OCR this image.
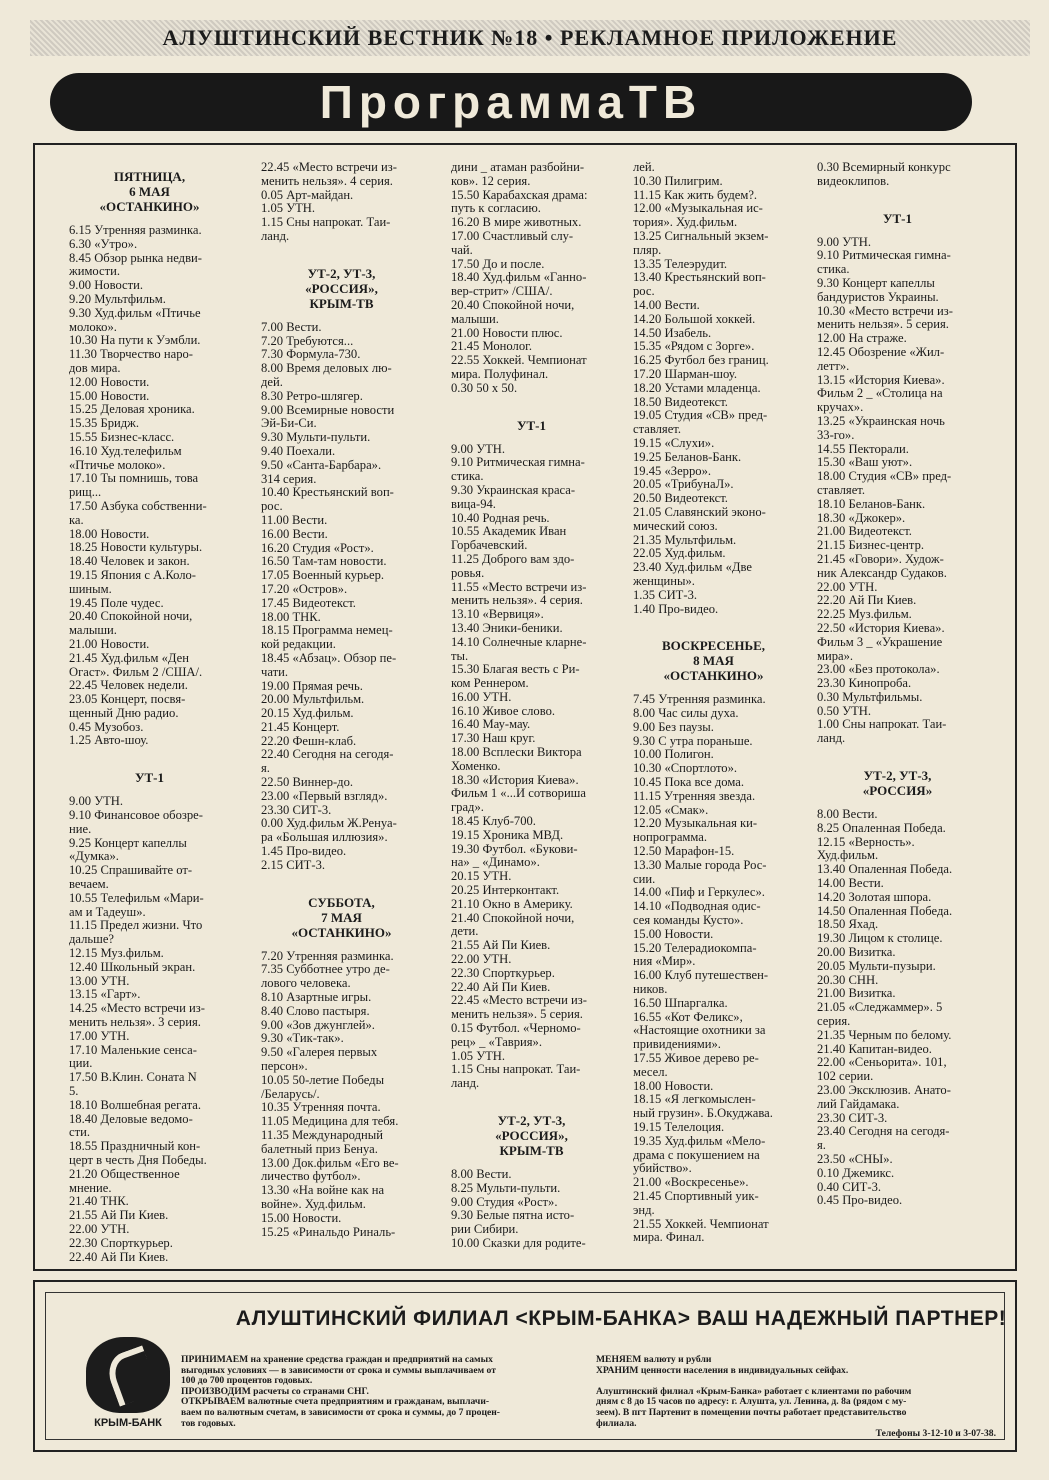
АЛУШТИНСКИЙ ВЕСТНИК №18 • РЕКЛАМНОЕ ПРИЛОЖЕНИЕ
ПрограммаТВ

ПЯТНИЦА,

6 МАЯ

«ОСТАНКИНО»

6.15 Утренняя разминка.

6.30 «Утро».

8.45 Обзор рынка недви-

жимости.

9.00 Новости.

9.20 Мультфильм.

9.30 Худ.фильм «Птичье

молоко».

10.30 На пути к Уэмбли.

11.30 Творчество наро-

дов мира.

12.00 Новости.

15.00 Новости.

15.25 Деловая хроника.

15.35 Бридж.

15.55 Бизнес-класс.

16.10 Худ.телефильм

«Птичье молоко».

17.10 Ты помнишь, това

рищ...

17.50 Азбука собственни-

ка.

18.00 Новости.

18.25 Новости культуры.

18.40 Человек и закон.

19.15 Япония с А.Коло-

шиным.

19.45 Поле чудес.

20.40 Спокойной ночи,

малыши.

21.00 Новости.

21.45 Худ.фильм «Ден

Огаст». Фильм 2 /США/.

22.45 Человек недели.

23.05 Концерт, посвя-

щенный Дню радио.

0.45 Музобоз.

1.25 Авто-шоу.

УТ-1

9.00 УТН.

9.10 Финансовое обозре-

ние.

9.25 Концерт капеллы

«Думка».

10.25 Спрашивайте от-

вечаем.

10.55 Телефильм «Мари-

ам и Тадеуш».

11.15 Предел жизни. Что

дальше?

12.15 Муз.фильм.

12.40 Школьный экран.

13.00 УТН.

13.15 «Гарт».

14.25 «Место встречи из-

менить нельзя». 3 серия.

17.00 УТН.

17.10 Маленькие сенса-

ции.

17.50 В.Клин. Соната N

5.

18.10 Волшебная регата.

18.40 Деловые ведомо-

сти.

18.55 Праздничный кон-

церт в честь Дня Победы.

21.20 Общественное

мнение.

21.40 ТНК.

21.55 Ай Пи Киев.

22.00 УТН.

22.30 Спорткурьер.

22.40 Ай Пи Киев.

22.45 «Место встречи из-

менить нельзя». 4 серия.

0.05 Арт-майдан.

1.05 УТН.

1.15 Сны напрокат. Таи-

ланд.

УТ-2, УТ-3,

«РОССИЯ»,

КРЫМ-ТВ

7.00 Вести.

7.20 Требуются...

7.30 Формула-730.

8.00 Время деловых лю-

дей.

8.30 Ретро-шлягер.

9.00 Всемирные новости

Эй-Би-Си.

9.30 Мульти-пульти.

9.40 Поехали.

9.50 «Санта-Барбара».

314 серия.

10.40 Крестьянский воп-

рос.

11.00 Вести.

16.00 Вести.

16.20 Студия «Рост».

16.50 Там-там новости.

17.05 Военный курьер.

17.20 «Остров».

17.45 Видеотекст.

18.00 ТНК.

18.15 Программа немец-

кой редакции.

18.45 «Абзац». Обзор пе-

чати.

19.00 Прямая речь.

20.00 Мультфильм.

20.15 Худ.фильм.

21.45 Концерт.

22.20 Фешн-клаб.

22.40 Сегодня на сегодя-

я.

22.50 Виннер-до.

23.00 «Первый взгляд».

23.30 СИТ-3.

0.00 Худ.фильм Ж.Ренуа-

ра «Большая иллюзия».

1.45 Про-видео.

2.15 СИТ-3.

СУББОТА,

7 МАЯ

«ОСТАНКИНО»

7.20 Утренняя разминка.

7.35 Субботнее утро де-

лового человека.

8.10 Азартные игры.

8.40 Слово пастыря.

9.00 «Зов джунглей».

9.30 «Тик-так».

9.50 «Галерея первых

персон».

10.05 50-летие Победы

/Беларусь/.

10.35 Утренняя почта.

11.05 Медицина для тебя.

11.35 Международный

балетный приз Бенуа.

13.00 Док.фильм «Его ве-

личество футбол».

13.30 «На войне как на

войне». Худ.фильм.

15.00 Новости.

15.25 «Ринальдо Риналь-

дини _ атаман разбойни-

ков». 12 серия.

15.50 Карабахская драма:

путь к согласию.

16.20 В мире животных.

17.00 Счастливый слу-

чай.

17.50 До и после.

18.40 Худ.фильм «Ганно-

вер-стрит» /США/.

20.40 Спокойной ночи,

малыши.

21.00 Новости плюс.

21.45 Монолог.

22.55 Хоккей. Чемпионат

мира. Полуфинал.

0.30 50 х 50.

УТ-1

9.00 УТН.

9.10 Ритмическая гимна-

стика.

9.30 Украинская краса-

вица-94.

10.40 Родная речь.

10.55 Академик Иван

Горбачевский.

11.25 Доброго вам здо-

ровья.

11.55 «Место встречи из-

менить нельзя». 4 серия.

13.10 «Вервиця».

13.40 Эники-беники.

14.10 Солнечные кларне-

ты.

15.30 Благая весть с Ри-

ком Реннером.

16.00 УТН.

16.10 Живое слово.

16.40 Мау-мау.

17.30 Наш круг.

18.00 Всплески Виктора

Хоменко.

18.30 «История Киева».

Фильм 1 «...И сотвориша

град».

18.45 Клуб-700.

19.15 Хроника МВД.

19.30 Футбол. «Букови-

на» _ «Динамо».

20.15 УТН.

20.25 Интерконтакт.

21.10 Окно в Америку.

21.40 Спокойной ночи,

дети.

21.55 Ай Пи Киев.

22.00 УТН.

22.30 Спорткурьер.

22.40 Ай Пи Киев.

22.45 «Место встречи из-

менить нельзя». 5 серия.

0.15 Футбол. «Черномо-

рец» _ «Таврия».

1.05 УТН.

1.15 Сны напрокат. Таи-

ланд.

УТ-2, УТ-3,

«РОССИЯ»,

КРЫМ-ТВ

8.00 Вести.

8.25 Мульти-пульти.

9.00 Студия «Рост».

9.30 Белые пятна исто-

рии Сибири.

10.00 Сказки для родите-

лей.

10.30 Пилигрим.

11.15 Как жить будем?.

12.00 «Музыкальная ис-

тория». Худ.фильм.

13.25 Сигнальный экзем-

пляр.

13.35 Телеэрудит.

13.40 Крестьянский воп-

рос.

14.00 Вести.

14.20 Большой хоккей.

14.50 Изабель.

15.35 «Рядом с Зорге».

16.25 Футбол без границ.

17.20 Шарман-шоу.

18.20 Устами младенца.

18.50 Видеотекст.

19.05 Студия «СВ» пред-

ставляет.

19.15 «Слухи».

19.25 Беланов-Банк.

19.45 «Зерро».

20.05 «ТрибунаЛ».

20.50 Видеотекст.

21.05 Славянский эконо-

мический союз.

21.35 Мультфильм.

22.05 Худ.фильм.

23.40 Худ.фильм «Две

женщины».

1.35 СИТ-3.

1.40 Про-видео.

ВОСКРЕСЕНЬЕ,

8 МАЯ

«ОСТАНКИНО»

7.45 Утренняя разминка.

8.00 Час силы духа.

9.00 Без паузы.

9.30 С утра пораньше.

10.00 Полигон.

10.30 «Спортлото».

10.45 Пока все дома.

11.15 Утренняя звезда.

12.05 «Смак».

12.20 Музыкальная ки-

нопрограмма.

12.50 Марафон-15.

13.30 Малые города Рос-

сии.

14.00 «Пиф и Геркулес».

14.10 «Подводная одис-

сея команды Кусто».

15.00 Новости.

15.20 Телерадиокомпа-

ния «Мир».

16.00 Клуб путешествен-

ников.

16.50 Шпаргалка.

16.55 «Кот Феликс»,

«Настоящие охотники за

привидениями».

17.55 Живое дерево ре-

месел.

18.00 Новости.

18.15 «Я легкомыслен-

ный грузин». Б.Окуджава.

19.15 Телелоция.

19.35 Худ.фильм «Мело-

драма с покушением на

убийство».

21.00 «Воскресенье».

21.45 Спортивный уик-

энд.

21.55 Хоккей. Чемпионат

мира. Финал.

0.30 Всемирный конкурс

видеоклипов.

УТ-1

9.00 УТН.

9.10 Ритмическая гимна-

стика.

9.30 Концерт капеллы

бандуристов Украины.

10.30 «Место встречи из-

менить нельзя». 5 серия.

12.00 На страже.

12.45 Обозрение «Жил-

летт».

13.15 «История Киева».

Фильм 2 _ «Столица на

кручах».

13.25 «Украинская ночь

33-го».

14.55 Пекторали.

15.30 «Ваш уют».

18.00 Студия «СВ» пред-

ставляет.

18.10 Беланов-Банк.

18.30 «Джокер».

21.00 Видеотекст.

21.15 Бизнес-центр.

21.45 «Говори». Худож-

ник Александр Судаков.

22.00 УТН.

22.20 Ай Пи Киев.

22.25 Муз.фильм.

22.50 «История Киева».

Фильм 3 _ «Украшение

мира».

23.00 «Без протокола».

23.30 Кинопроба.

0.30 Мультфильмы.

0.50 УТН.

1.00 Сны напрокат. Таи-

ланд.

УТ-2, УТ-3,

«РОССИЯ»

8.00 Вести.

8.25 Опаленная Победа.

12.15 «Верность».

Худ.фильм.

13.40 Опаленная Победа.

14.00 Вести.

14.20 Золотая шпора.

14.50 Опаленная Победа.

18.50 Яхад.

19.30 Лицом к столице.

20.00 Визитка.

20.05 Мульти-пузыри.

20.30 СНН.

21.00 Визитка.

21.05 «Следжаммер». 5

серия.

21.35 Черным по белому.

21.40 Капитан-видео.

22.00 «Сеньорита». 101,

102 серии.

23.00 Эксклюзив. Анато-

лий Гайдамака.

23.30 СИТ-3.

23.40 Сегодня на сегодя-

я.

23.50 «СНЫ».

0.10 Джемикс.

0.40 СИТ-3.

0.45 Про-видео.

АЛУШТИНСКИЙ ФИЛИАЛ <КРЫМ-БАНКА> ВАШ НАДЕЖНЫЙ ПАРТНЕР!
КРЫМ-БАНК

ПРИНИМАЕМ на хранение средства граждан и предприятий на самых

выгодных условиях — в зависимости от срока и суммы выплачиваем от

100 до 700 процентов годовых.

ПРОИЗВОДИМ расчеты со странами СНГ.

ОТКРЫВАЕМ валютные счета предприятиям и гражданам, выплачи-

ваем по валютным счетам, в зависимости от срока и суммы, до 7 процен-

тов годовых.

МЕНЯЕМ валюту и рубли

ХРАНИМ ценности населения в индивидуальных сейфах.

Алуштинский филиал «Крым-Банка» работает с клиентами по рабочим

дням с 8 до 15 часов по адресу: г. Алушта, ул. Ленина, д. 8а (рядом с му-

зеем). В пгт Партенит в помещении почты работает представительство

филиала.

Телефоны 3-12-10 и 3-07-38.
